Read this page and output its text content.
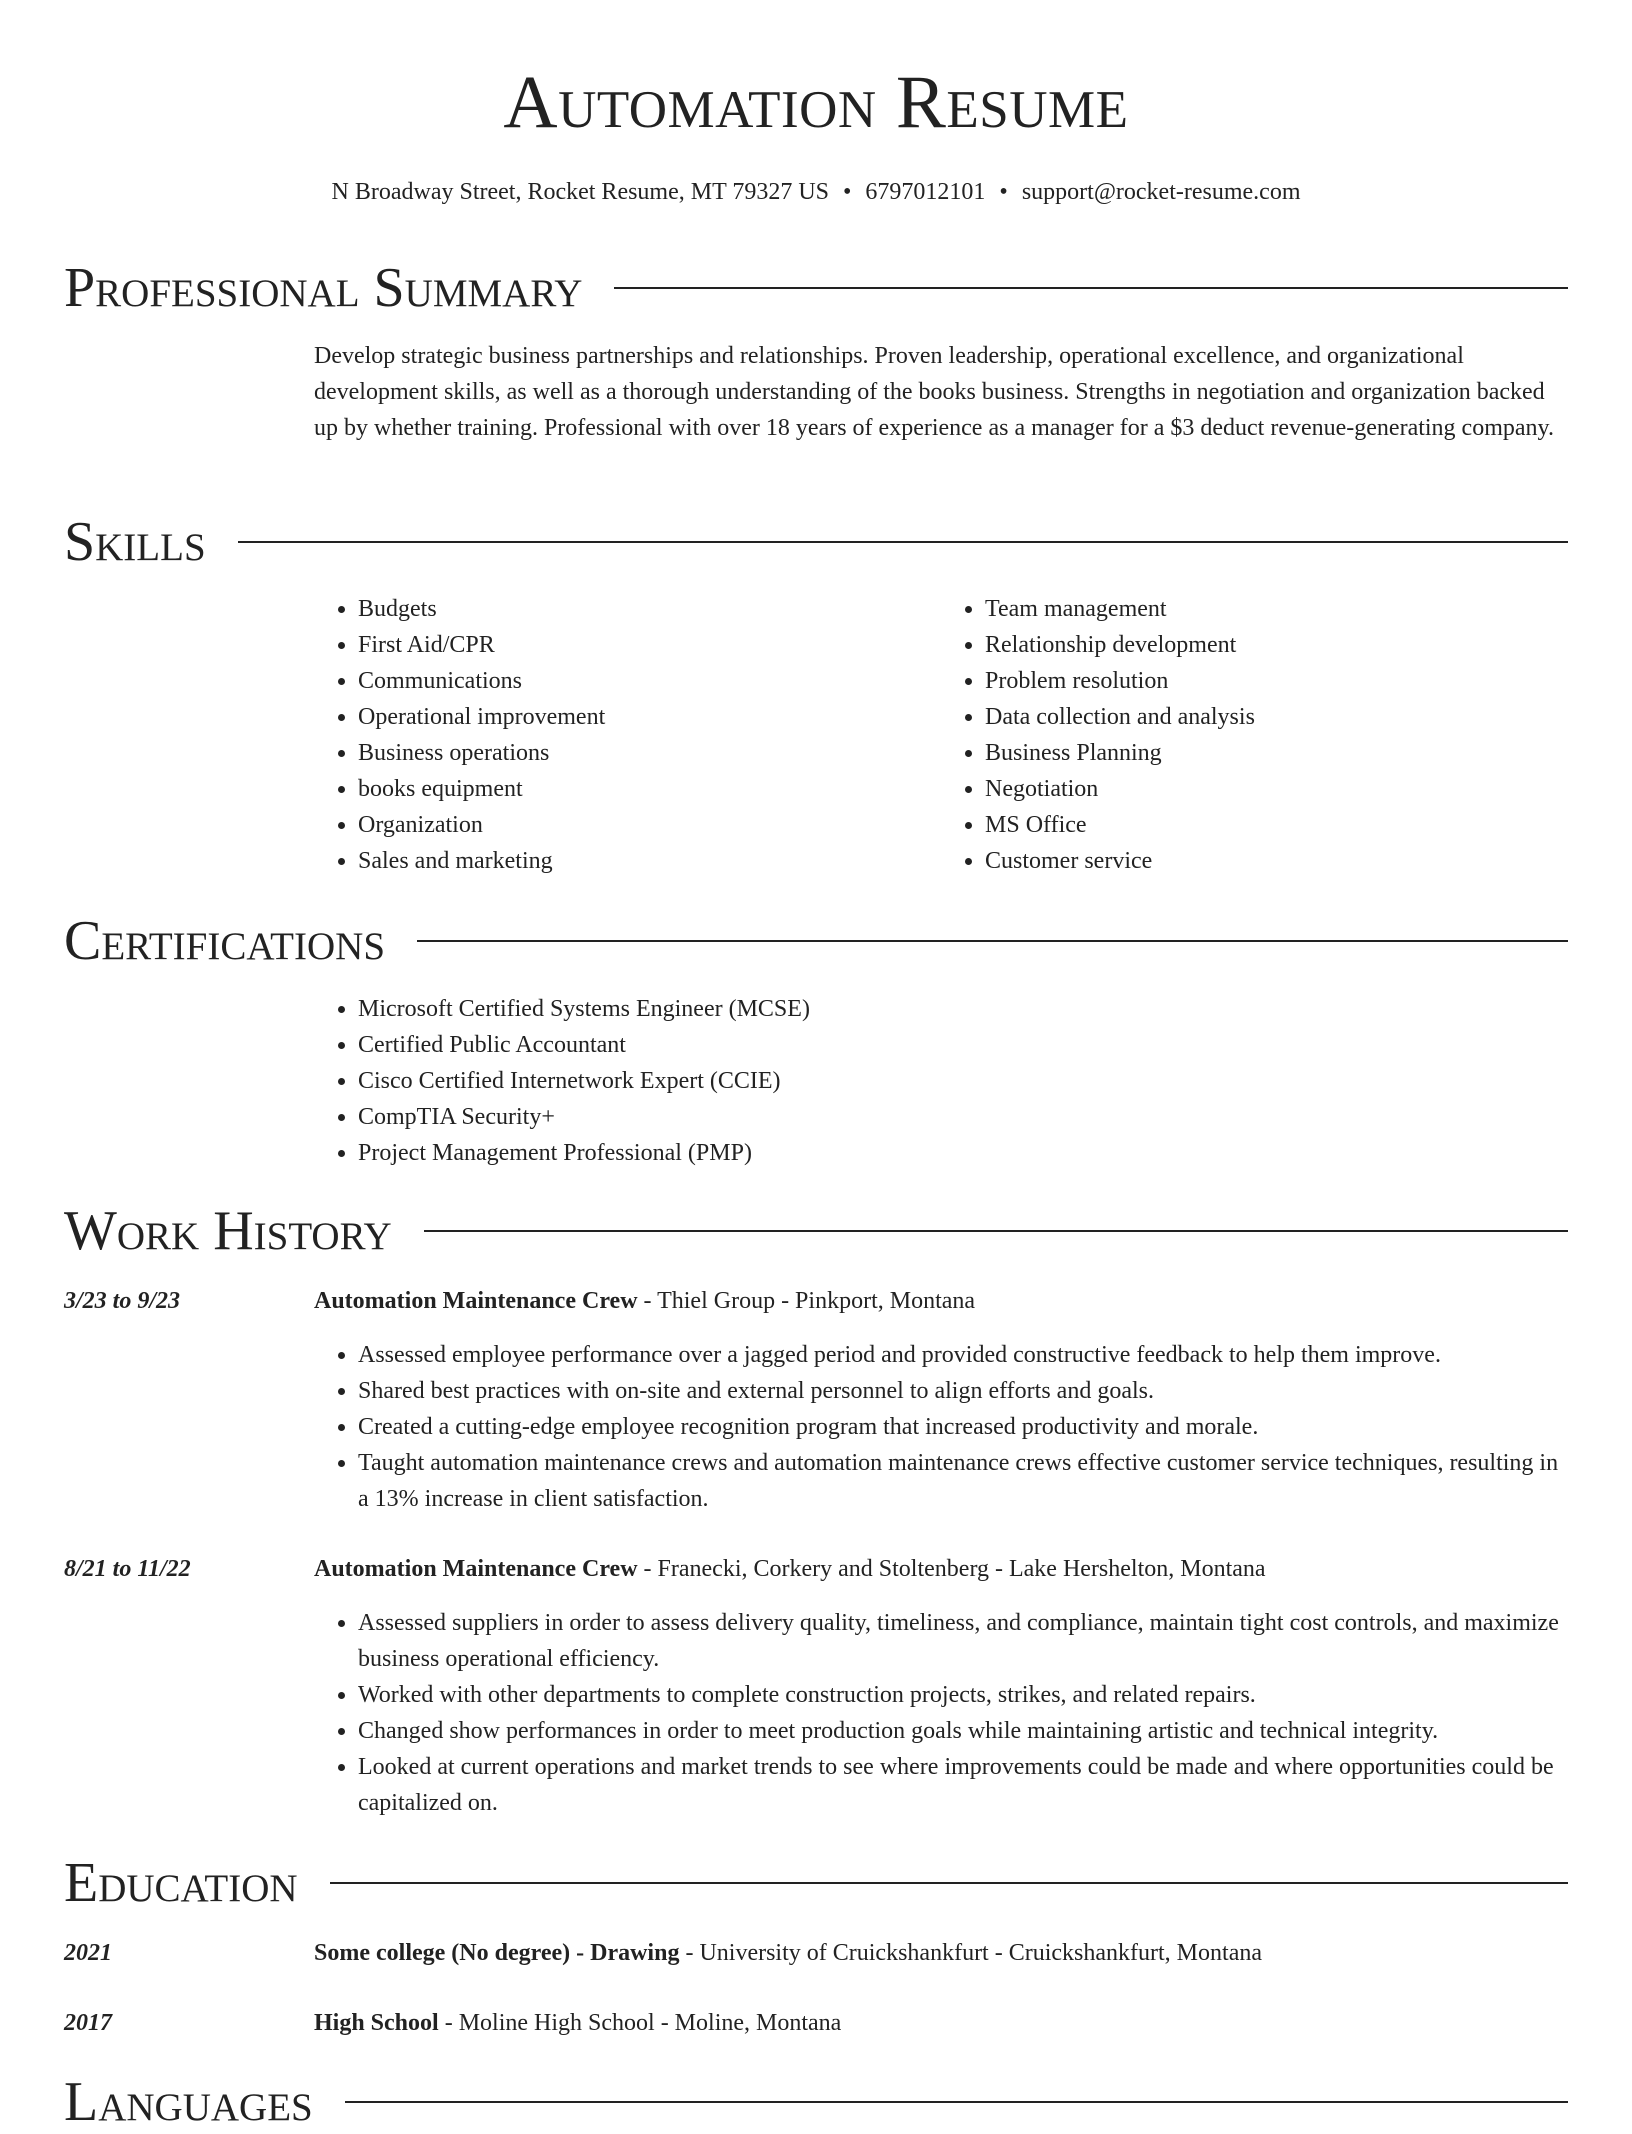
Automation Resume
N Broadway Street, Rocket Resume, MT 79327 US • 6797012101 • support@rocket-resume.com
Professional Summary

Develop strategic business partnerships and relationships. Proven leadership, operational excellence, and organizational development skills, as well as a thorough understanding of the books business. Strengths in negotiation and organization backed up by whether training. Professional with over 18 years of experience as a manager for a $3 deduct revenue-generating company.

Skills
• Budgets
• First Aid/CPR
• Communications
• Operational improvement
• Business operations
• books equipment
• Organization
• Sales and marketing
• Team management
• Relationship development
• Problem resolution
• Data collection and analysis
• Business Planning
• Negotiation
• MS Office
• Customer service
Certifications
• Microsoft Certified Systems Engineer (MCSE)
• Certified Public Accountant
• Cisco Certified Internetwork Expert (CCIE)
• CompTIA Security+
• Project Management Professional (PMP)
Work History
3/23 to 9/23	Automation Maintenance Crew - Thiel Group - Pinkport, Montana
• Assessed employee performance over a jagged period and provided constructive feedback to help them improve.
• Shared best practices with on-site and external personnel to align efforts and goals.
• Created a cutting-edge employee recognition program that increased productivity and morale.
• Taught automation maintenance crews and automation maintenance crews effective customer service techniques, resulting in a 13% increase in client satisfaction.
8/21 to 11/22	Automation Maintenance Crew - Franecki, Corkery and Stoltenberg - Lake Hershelton, Montana
• Assessed suppliers in order to assess delivery quality, timeliness, and compliance, maintain tight cost controls, and maximize business operational efficiency.
• Worked with other departments to complete construction projects, strikes, and related repairs.
• Changed show performances in order to meet production goals while maintaining artistic and technical integrity.
• Looked at current operations and market trends to see where improvements could be made and where opportunities could be capitalized on.
Education
2021	Some college (No degree) - Drawing - University of Cruickshankfurt - Cruickshankfurt, Montana
2017	High School - Moline High School - Moline, Montana
Languages
